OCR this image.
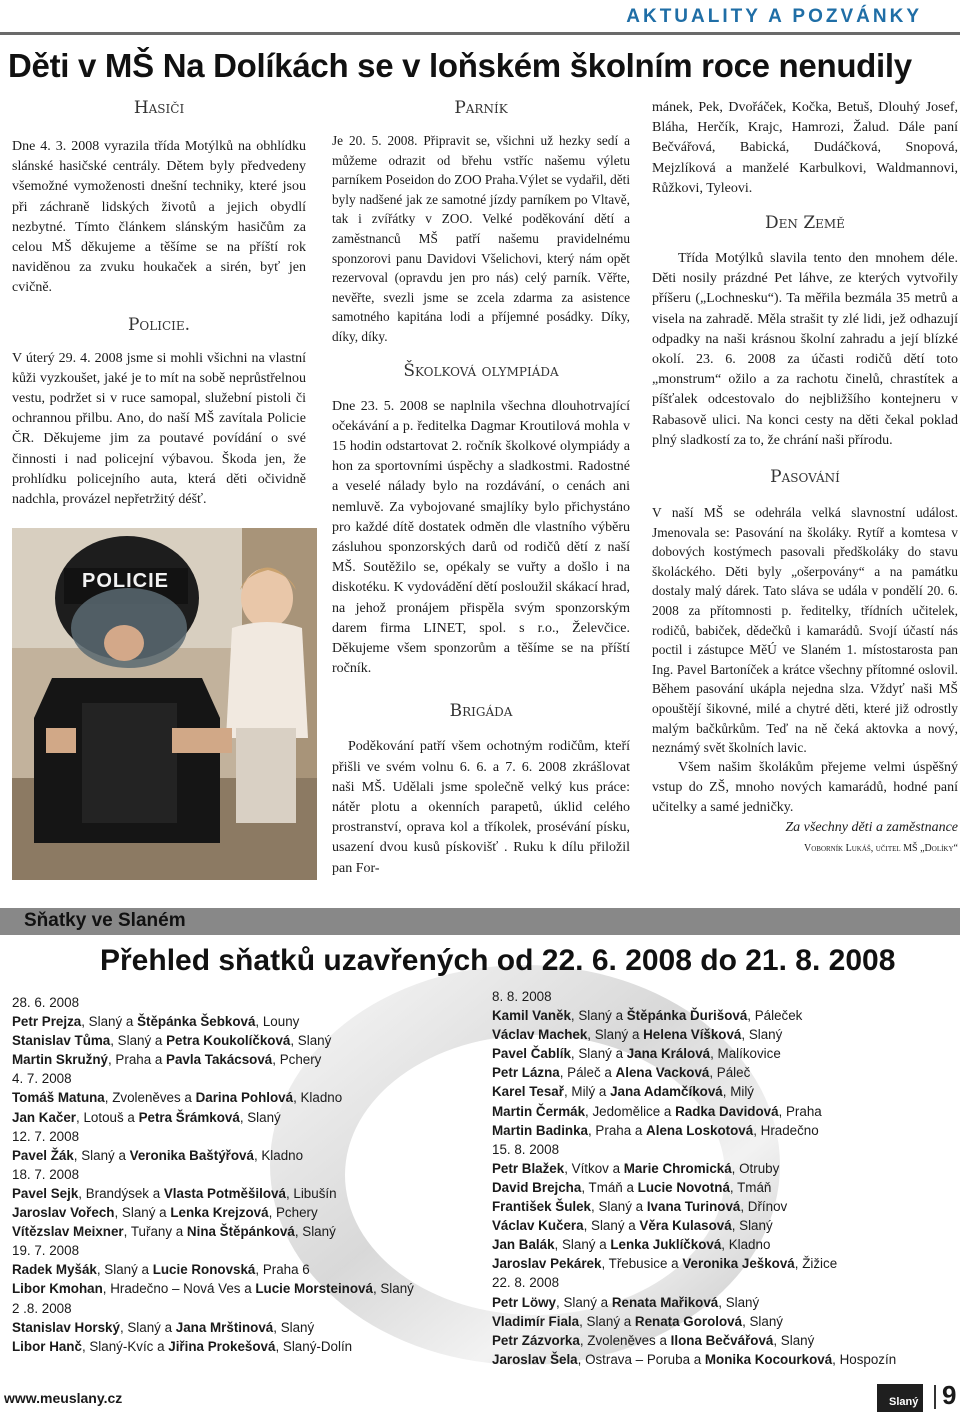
AKTUALITY A POZVÁNKY
Děti v MŠ Na Dolíkách se v loňském školním roce nenudily

Hasiči

Dne 4. 3. 2008 vyrazila třída Motýlků na obhlídku slánské hasičské centrály. Dětem byly předvedeny všemožné vymoženosti dnešní techniky, které jsou při záchraně lidských životů a jejich obydlí nezbytné. Tímto článkem slánským hasičům za celou MŠ děkujeme a těšíme se na příští rok naviděnou za zvuku houkaček a sirén, byť jen cvičně.

Policie.

V úterý 29. 4. 2008 jsme si mohli všichni na vlastní kůži vyzkoušet, jaké je to mít na sobě neprůstřelnou vestu, podržet si v ruce samopal, služební pistoli či ochrannou přilbu. Ano, do naší MŠ zavítala Policie ČR. Děkujeme jim za poutavé povídání o své činnosti i nad policejní výbavou. Škoda jen, že prohlídku policejního auta, která děti očividně nadchla, provázel nepřetržitý déšť.

POLICIE

Parník

Je 20. 5. 2008. Připravit se, všichni už hezky sedí a můžeme odrazit od břehu vstříc našemu výletu parníkem Poseidon do ZOO Praha.Výlet se vydařil, děti byly nadšené jak ze samotné jízdy parníkem po Vltavě, tak i zvířátky v ZOO. Velké poděkování dětí a zaměstnanců MŠ patří našemu pravidelnému sponzorovi panu Davidovi Všelichovi, který nám opět rezervoval (opravdu jen pro nás) celý parník. Věřte, nevěřte, svezli jsme se zcela zdarma za asistence samotného kapitána lodi a příjemné posádky. Díky, díky, díky.

Školková olympiáda

Dne 23. 5. 2008 se naplnila všechna dlouhotrvající očekávání a p. ředitelka Dagmar Kroutilová mohla v 15 hodin odstartovat 2. ročník školkové olympiády a hon za sportovními úspěchy a sladkostmi. Radostné a veselé nálady bylo na rozdávání, o cenách ani nemluvě. Za vybojované smajlíky bylo přichystáno pro každé dítě dostatek odměn dle vlastního výběru zásluhou sponzorských darů od rodičů dětí z naší MŠ. Soutěžilo se, opékaly se vuřty a došlo i na diskotéku. K vydovádění dětí posloužil skákací hrad, na jehož pronájem přispěla svým sponzorským darem firma LINET, spol. s r.o., Želevčice. Děkujeme všem sponzorům a těšíme se na příští ročník.

Brigáda

Poděkování patří všem ochotným rodičům, kteří přišli ve svém volnu 6. 6. a 7. 6. 2008 zkrášlovat naši MŠ. Udělali jsme společně velký kus práce: nátěr plotu a okenních parapetů, úklid celého prostranství, oprava kol a tříkolek, prosévání písku, usazení dvou kusů pískovišť . Ruku k dílu přiložil pan For-

mánek, Pek, Dvořáček, Kočka, Betuš, Dlouhý Josef, Bláha, Herčík, Krajc, Hamrozi, Žalud. Dále paní Bečvářová, Babická, Dudáčková, Snopová, Mejzlíková a manželé Karbulkovi, Waldmannovi, Růžkovi, Tyleovi.

Den Země

Třída Motýlků slavila tento den mnohem déle. Děti nosily prázdné Pet láhve, ze kterých vytvořily příšeru („Lochnesku“). Ta měřila bezmála 35 metrů a visela na zahradě. Měla strašit ty zlé lidi, jež odhazují odpadky na naši krásnou školní zahradu a její blízké okolí. 23. 6. 2008 za účasti rodičů dětí toto „monstrum“ ožilo a za rachotu činelů, chrastítek a píšťalek odcestovalo do nejbližšího kontejneru v Rabasově ulici. Na konci cesty na děti čekal poklad plný sladkostí za to, že chrání naši přírodu.

Pasování

V naší MŠ se odehrála velká slavnostní událost. Jmenovala se: Pasování na školáky. Rytíř a komtesa v dobových kostýmech pasovali předškoláky do stavu školáckého. Děti byly „ošerpovány“ a na památku dostaly malý dárek. Tato sláva se udála v pondělí 20. 6. 2008 za přítomnosti p. ředitelky, třídních učitelek, rodičů, babiček, dědečků i kamarádů. Svojí účastí nás poctil i zástupce MěÚ ve Slaném 1. místostarosta pan Ing. Pavel Bartoníček a krátce všechny přítomné oslovil. Během pasování ukápla nejedna slza. Vždyť naši MŠ opouštějí šikovné, milé a chytré děti, které již odrostly malým bačkůrkům. Teď na ně čeká aktovka a nový, neznámý svět školních lavic.

Všem našim školákům přejeme velmi úspěšný vstup do ZŠ, mnoho nových kamarádů, hodné paní učitelky a samé jedničky.

Za všechny děti a zaměstnance

Voborník Lukáš, učitel MŠ „Dolíky“

Sňatky ve Slaném
Přehled sňatků uzavřených od 22. 6. 2008 do 21. 8. 2008
28. 6. 2008
Petr Prejza, Slaný a Štěpánka Šebková, Louny
Stanislav Tůma, Slaný a Petra Koukolíčková, Slaný
Martin Skružný, Praha a Pavla Takácsová, Pchery
4. 7. 2008
Tomáš Matuna, Zvoleněves a Darina Pohlová, Kladno
Jan Kačer, Lotouš a Petra Šrámková, Slaný
12. 7. 2008
Pavel Žák, Slaný a Veronika Baštýřová, Kladno
18. 7. 2008
Pavel Sejk, Brandýsek a Vlasta Potměšilová, Libušín
Jaroslav Vořech, Slaný a Lenka Krejzová, Pchery
Vítězslav Meixner, Tuřany a Nina Štěpánková, Slaný
19. 7. 2008
Radek Myšák, Slaný a Lucie Ronovská, Praha 6
Libor Kmohan, Hradečno – Nová Ves a Lucie Morsteinová, Slaný
2 .8. 2008
Stanislav Horský, Slaný a Jana Mrštinová, Slaný
Libor Hanč, Slaný-Kvíc a Jiřina Prokešová, Slaný-Dolín
8. 8. 2008
Kamil Vaněk, Slaný a Štěpánka Ďurišová, Páleček
Václav Machek, Slaný a Helena Víšková, Slaný
Pavel Čablík, Slaný a Jana Králová, Malíkovice
Petr Lázna, Páleč a Alena Vacková, Páleč
Karel Tesař, Milý a Jana Adamčíková, Milý
Martin Čermák, Jedomělice a Radka Davidová, Praha
Martin Badinka, Praha a Alena Loskotová, Hradečno
15. 8. 2008
Petr Blažek, Vítkov a Marie Chromická, Otruby
David Brejcha, Tmáň a Lucie Novotná, Tmáň
František Šulek, Slaný a Ivana Turinová, Dřínov
Václav Kučera, Slaný a Věra Kulasová, Slaný
Jan Balák, Slaný a Lenka Juklíčková, Kladno
Jaroslav Pekárek, Třebusice a Veronika Ješková, Žižice
22. 8. 2008
Petr Löwy, Slaný a Renata Mařiková, Slaný
Vladimír Fiala, Slaný a Renata Gorolová, Slaný
Petr Zázvorka, Zvoleněves a Ilona Bečvářová, Slaný
Jaroslav Šela, Ostrava – Poruba a Monika Kocourková, Hospozín
www.meuslany.cz	Slaný 9
